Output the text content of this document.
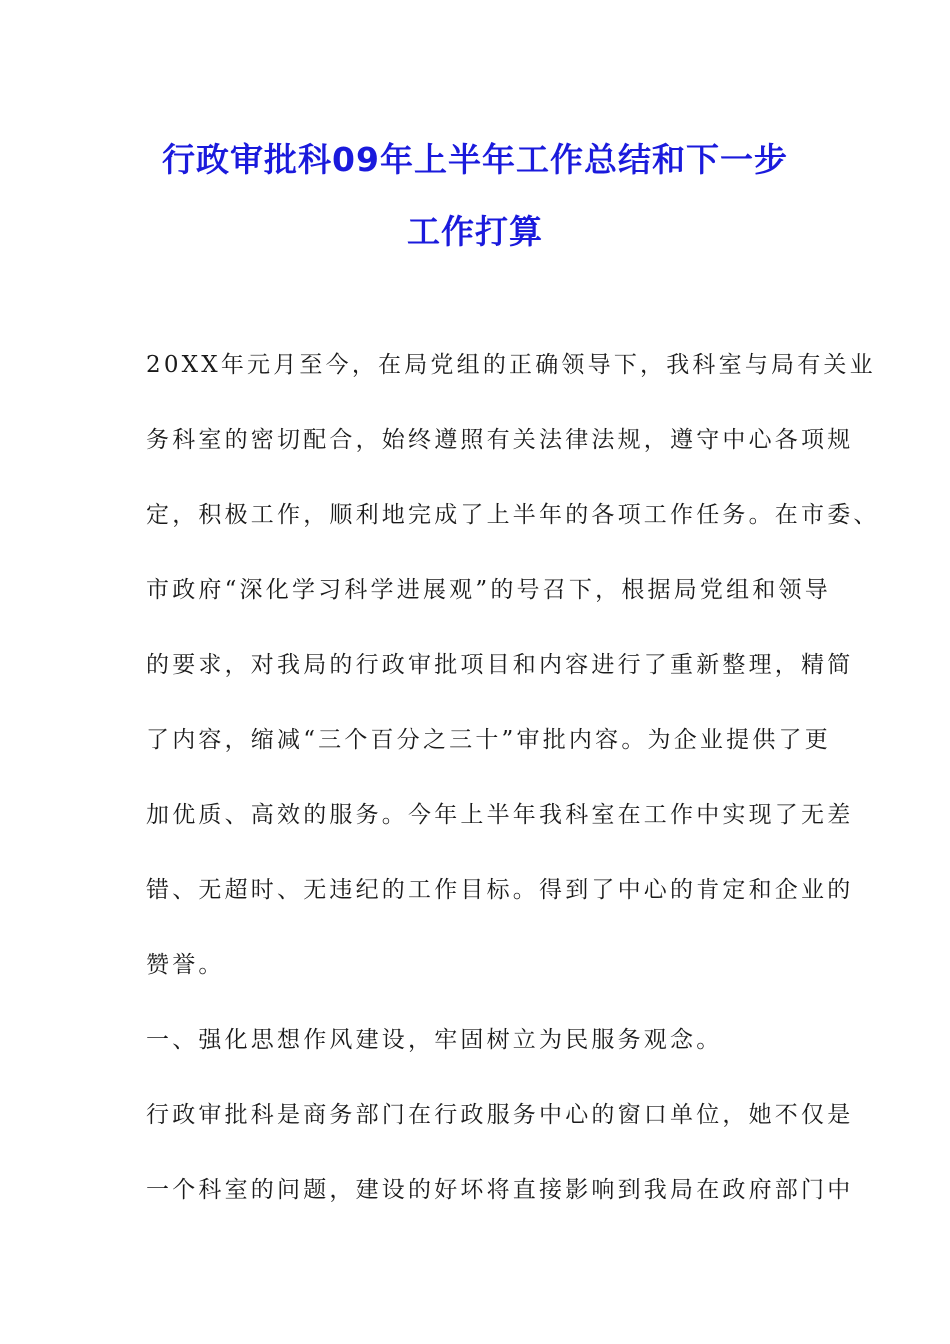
行政审批科09年上半年工作总结和下一步
工作打算
20XX年元月至今，在局党组的正确领导下，我科室与局有关业
务科室的密切配合，始终遵照有关法律法规，遵守中心各项规
定，积极工作，顺利地完成了上半年的各项工作任务。在市委、
市政府“深化学习科学进展观”的号召下，根据局党组和领导
的要求，对我局的行政审批项目和内容进行了重新整理，精简
了内容，缩减“三个百分之三十”审批内容。为企业提供了更
加优质、高效的服务。今年上半年我科室在工作中实现了无差
错、无超时、无违纪的工作目标。得到了中心的肯定和企业的
赞誉。
一、强化思想作风建设，牢固树立为民服务观念。
行政审批科是商务部门在行政服务中心的窗口单位，她不仅是
一个科室的问题，建设的好坏将直接影响到我局在政府部门中
